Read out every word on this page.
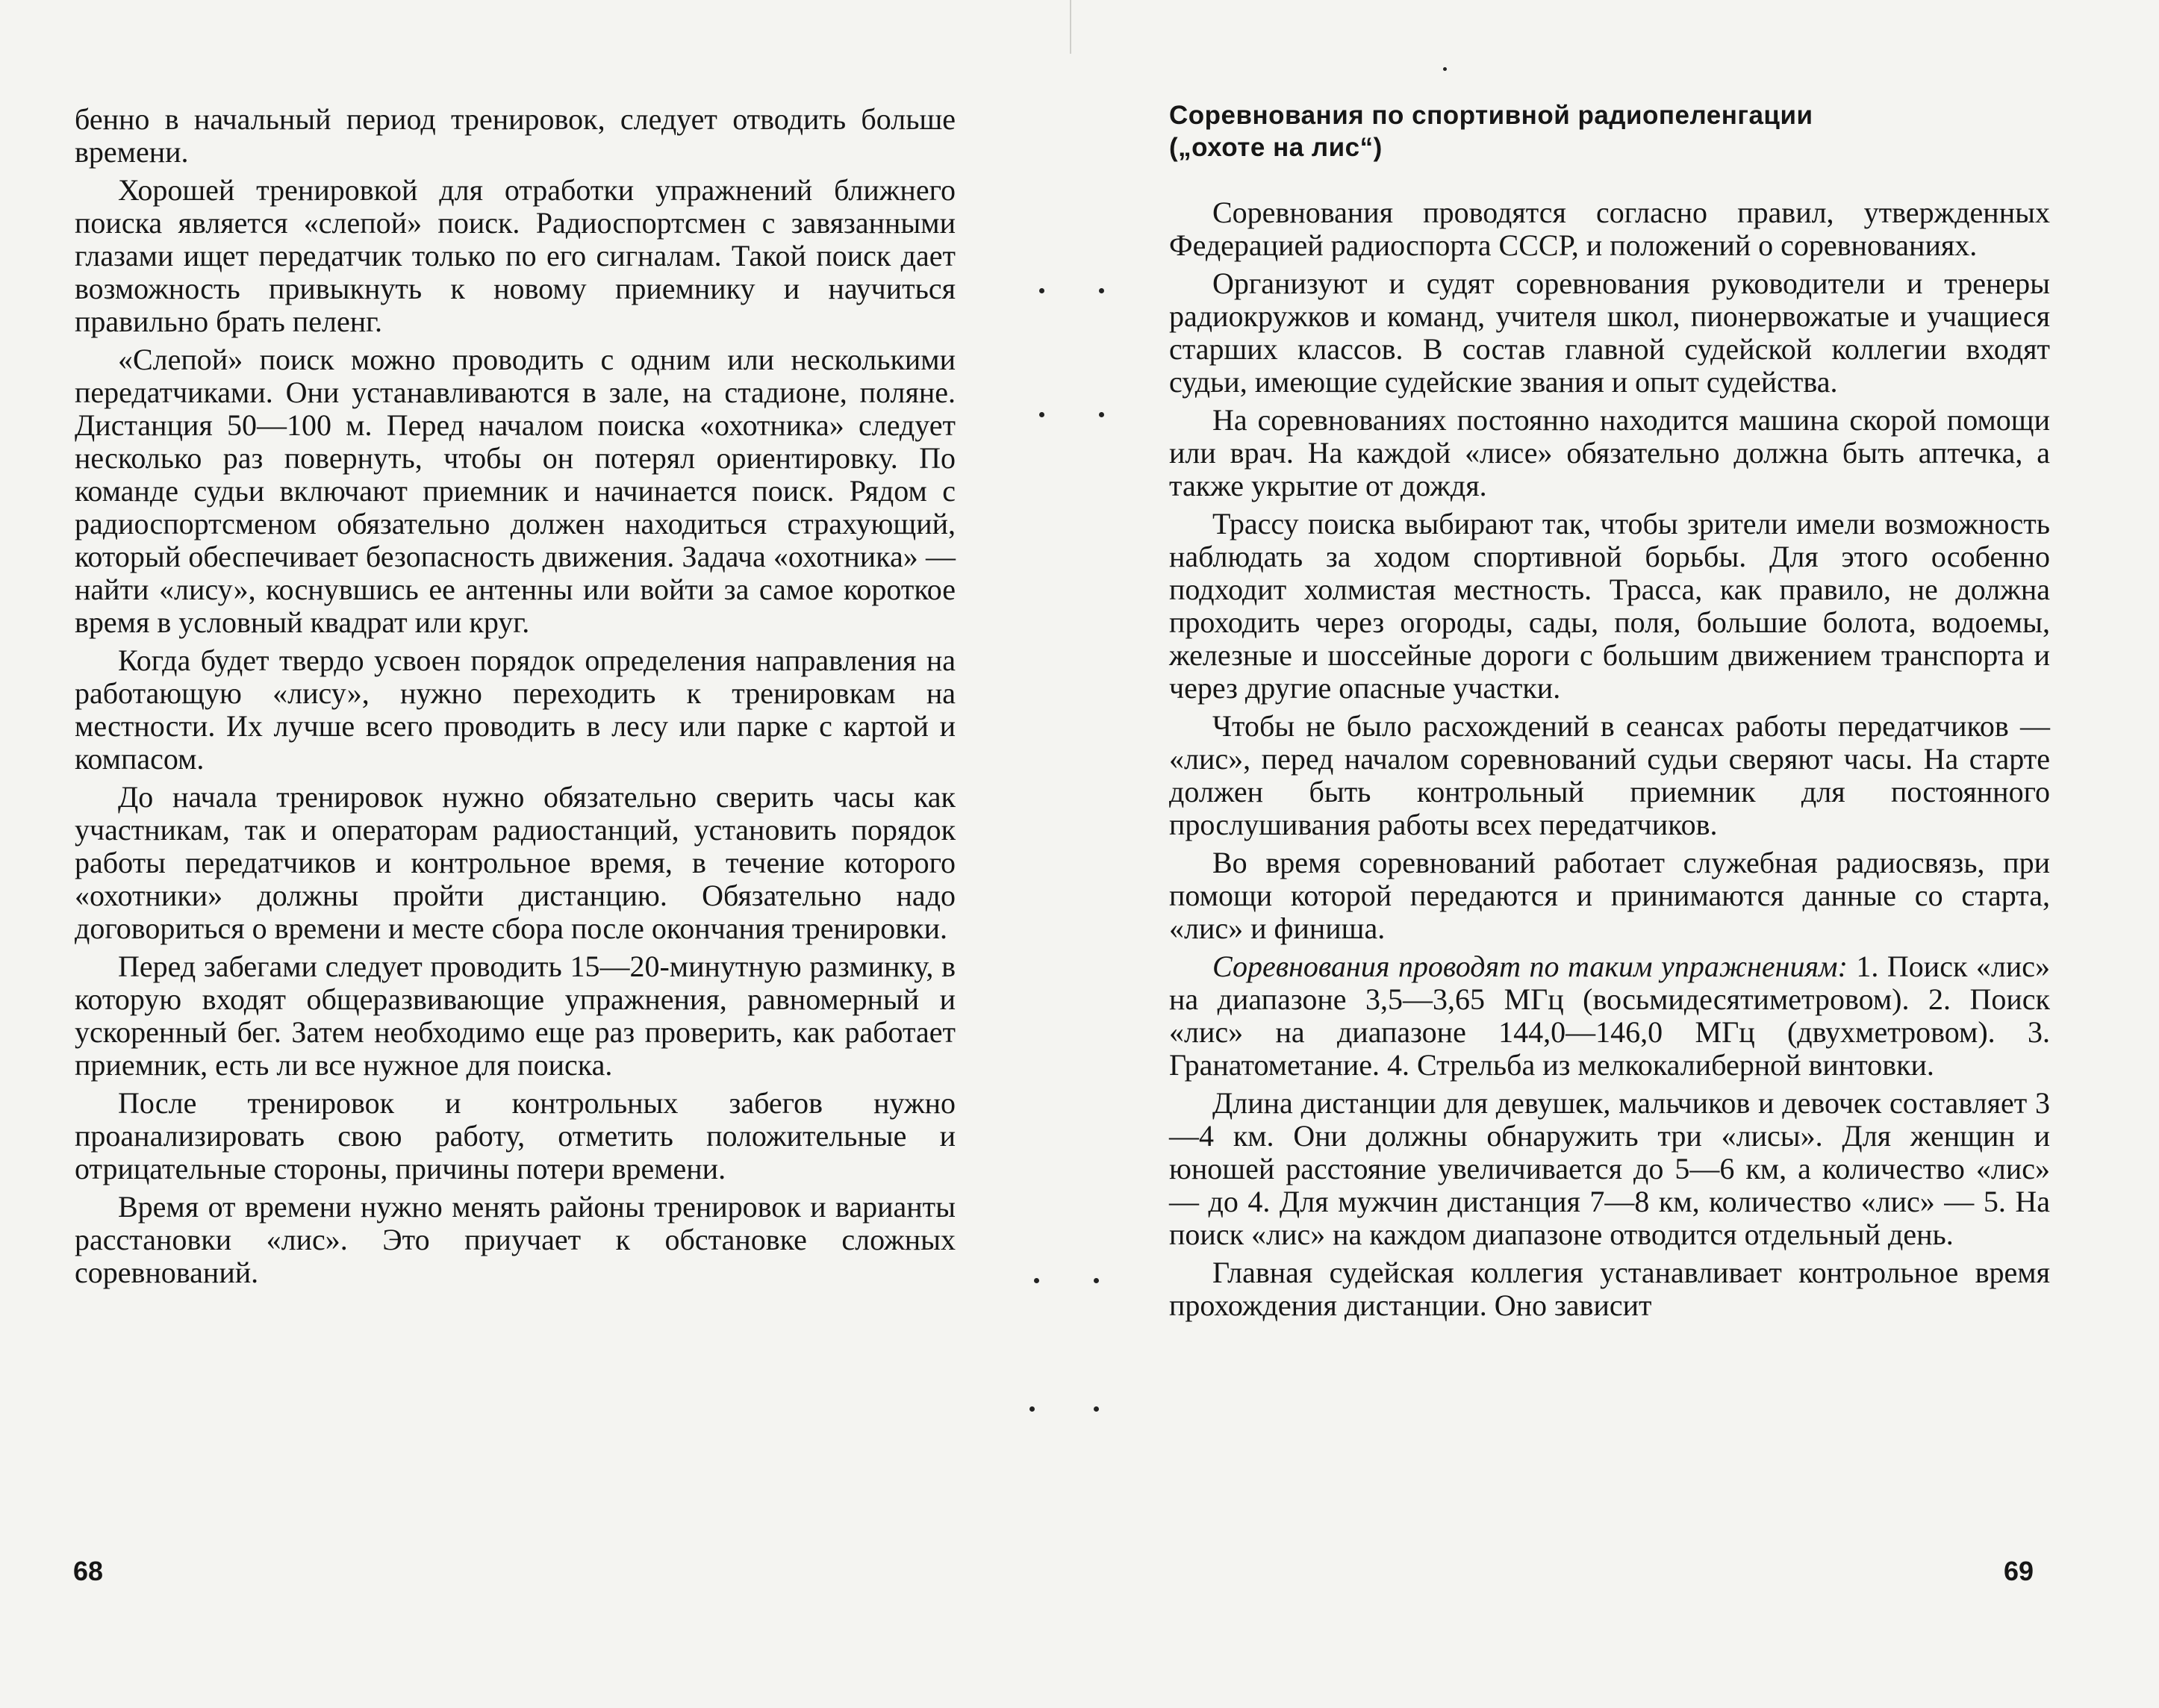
бенно в начальный период тренировок, следует отводить больше времени.

Хорошей тренировкой для отработки упражнений ближнего поиска является «слепой» поиск. Радиоспортсмен с завязанными глазами ищет передатчик только по его сигналам. Такой поиск дает возможность привыкнуть к новому приемнику и научиться правильно брать пеленг.

«Слепой» поиск можно проводить с одним или несколькими передатчиками. Они устанавливаются в зале, на стадионе, поляне. Дистанция 50—100 м. Перед началом поиска «охотника» следует несколько раз повернуть, чтобы он потерял ориентировку. По команде судьи включают приемник и начинается поиск. Рядом с радиоспортсменом обязательно должен находиться страхующий, который обеспечивает безопасность движения. Задача «охотника» — найти «лису», коснувшись ее антенны или войти за самое короткое время в условный квадрат или круг.

Когда будет твердо усвоен порядок определения направления на работающую «лису», нужно переходить к тренировкам на местности. Их лучше всего проводить в лесу или парке с картой и компасом.

До начала тренировок нужно обязательно сверить часы как участникам, так и операторам радиостанций, установить порядок работы передатчиков и контрольное время, в течение которого «охотники» должны пройти дистанцию. Обязательно надо договориться о времени и месте сбора после окончания тренировки.

Перед забегами следует проводить 15—20-минутную разминку, в которую входят общеразвивающие упражнения, равномерный и ускоренный бег. Затем необходимо еще раз проверить, как работает приемник, есть ли все нужное для поиска.

После тренировок и контрольных забегов нужно проанализировать свою работу, отметить положительные и отрицательные стороны, причины потери времени.

Время от времени нужно менять районы тренировок и варианты расстановки «лис». Это приучает к обстановке сложных соревнований.

68
Соревнования по спортивной радиопеленгации
(„охоте на лис“)

Соревнования проводятся согласно правил, утвержденных Федерацией радиоспорта СССР, и положений о соревнованиях.

Организуют и судят соревнования руководители и тренеры радиокружков и команд, учителя школ, пионервожатые и учащиеся старших классов. В состав главной судейской коллегии входят судьи, имеющие судейские звания и опыт судейства.

На соревнованиях постоянно находится машина скорой помощи или врач. На каждой «лисе» обязательно должна быть аптечка, а также укрытие от дождя.

Трассу поиска выбирают так, чтобы зрители имели возможность наблюдать за ходом спортивной борьбы. Для этого особенно подходит холмистая местность. Трасса, как правило, не должна проходить через огороды, сады, поля, большие болота, водоемы, железные и шоссейные дороги с большим движением транспорта и через другие опасные участки.

Чтобы не было расхождений в сеансах работы передатчиков — «лис», перед началом соревнований судьи сверяют часы. На старте должен быть контрольный приемник для постоянного прослушивания работы всех передатчиков.

Во время соревнований работает служебная радиосвязь, при помощи которой передаются и принимаются данные со старта, «лис» и финиша.

Соревнования проводят по таким упражнениям: 1. Поиск «лис» на диапазоне 3,5—3,65 МГц (восьмидесятиметровом). 2. Поиск «лис» на диапазоне 144,0—146,0 МГц (двухметровом). 3. Гранатометание. 4. Стрельба из мелкокалиберной винтовки.

Длина дистанции для девушек, мальчиков и девочек составляет 3—4 км. Они должны обнаружить три «лисы». Для женщин и юношей расстояние увеличивается до 5—6 км, а количество «лис» — до 4. Для мужчин дистанция 7—8 км, количество «лис» — 5. На поиск «лис» на каждом диапазоне отводится отдельный день.

Главная судейская коллегия устанавливает контрольное время прохождения дистанции. Оно зависит

69
